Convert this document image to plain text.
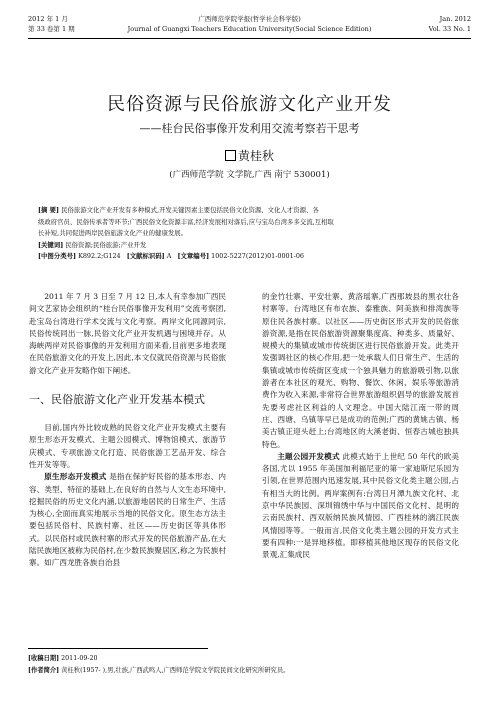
2012 年 1 月
第 33 卷第 1 期
广西师范学院学报(哲学社会科学版)
Journal of Guangxi Teachers Education University(Social Science Edition)
Jan. 2012
Vol. 33 No. 1
民俗资源与民俗旅游文化产业开发
——桂台民俗事像开发利用交流考察若干思考
黄桂秋
(广西师范学院 文学院,广西 南宁 530001)
[摘 要] 民俗旅游文化产业开发有多种模式,开发关键因素主要包括民俗文化资源、文化人才资源、各
级政府官员、民俗传承者等环节;广西民俗文化资源丰富,经济发展相对落后,应与宝岛台湾多多交流,互相取
长补短,共同促进两岸民俗旅游文化产业的健康发展。
[关键词] 民俗资源;民俗旅游;产业开发
[中图分类号] K892.2;G124 [文献标识码] A [文章编号] 1002-5227(2012)01-0001-06

2011 年 7 月 3 日至 7 月 12 日,本人有幸参加广西民间文艺家协会组织的“桂台民俗事像开发利用”交流考察团,赴宝岛台湾进行学术交流与文化考察。两岸文化同源同宗,民俗传统同出一脉,民俗文化产业开发机遇与困境并存。从海峡两岸对民俗事像的开发利用方面来看,目前更多地表现在民俗旅游文化的开发上,因此,本文仅就民俗资源与民俗旅游文化产业开发略作如下阐述。

一、民俗旅游文化产业开发基本模式

目前,国内外比较成熟的民俗文化产业开发模式主要有原生形态开发模式、主题公园模式、博物馆模式、旅游节庆模式、专项旅游文化打造、民俗旅游工艺品开发、综合性开发等等。

原生形态开发模式 是指在保护好民俗的基本形态、内容、类型、特征的基础上,在良好的自然与人文生态环境中,挖掘民俗的历史文化内涵,以旅游地居民的日常生产、生活为核心,全面而真实地展示当地的民俗文化。原生态方法主要包括民俗村、民族村寨、社区——历史街区等具体形式。以民俗村或民族村寨的形式开发的民俗旅游产品,在大陆民族地区被称为民俗村,在少数民族聚居区,称之为民族村寨。如广西龙胜各族自治县

的金竹壮寨、平安壮寨、黄洛瑶寨,广西那坡县的黑衣壮各村寨等。台湾地区有布农族、泰雅族、阿美族和排湾族等原住民各族村寨。以社区——历史街区形式开发的民俗旅游资源,是指在民俗旅游资源聚集度高、种类多、质量好、规模大的集镇或城市传统街区进行民俗旅游开发。此类开发强调社区的核心作用,把一处承载人们日常生产、生活的集镇或城市传统街区变成一个独具魅力的旅游吸引物,以旅游者在本社区的观光、购物、餐饮、休闲、娱乐等旅游消费作为收入来源,非常符合世界旅游组织倡导的旅游发展首先要考虑社区利益的人文理念。中国大陆江南一带的周庄、西塘、乌镇等早已是成功的范例;广西的黄姚古镇、杨美古镇正迎头赶上;台湾地区的大溪老街、恒春古城也独具特色。

主题公园开发模式 此模式始于上世纪 50 年代的欧美各国,尤以 1955 年美国加利福尼亚的第一家迪斯尼乐园为引领,在世界范围内迅速发展,其中民俗文化类主题公园,占有相当大的比例。两岸案例有:台湾日月潭九族文化村、北京中华民族园、深圳锦绣中华与中国民俗文化村、昆明的云南民族村、西双版纳民族风情园、广西桂林的漓江民族风情园等等。一般而言,民俗文化类主题公园的开发方式主要有四种:一是异地移植。即移植其他地区现存的民俗文化景观,汇集成民

[收稿日期] 2011-09-20
[作者简介] 黄桂秋(1957- ),男,壮族,广西武鸣人,广西师范学院文学院民间文化研究所研究员。
